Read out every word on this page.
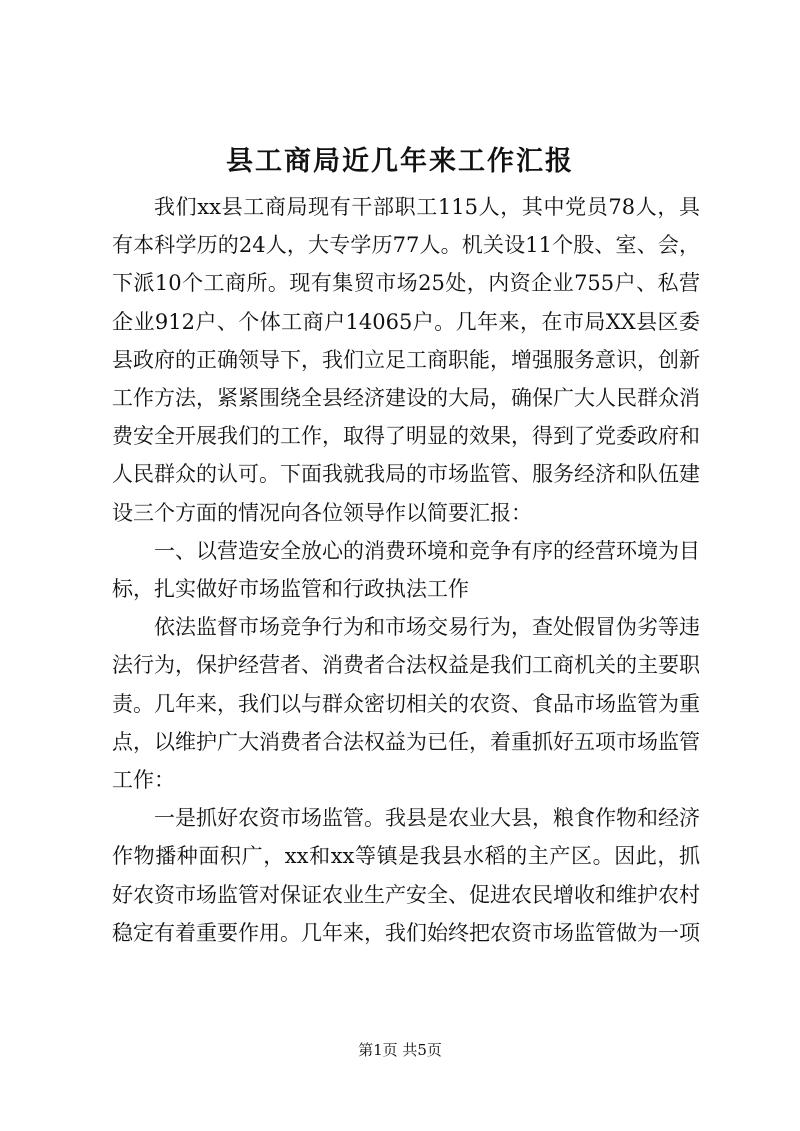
县工商局近几年来工作汇报

我们xx县工商局现有干部职工115人，其中党员78人，具有本科学历的24人，大专学历77人。机关设11个股、室、会，下派10个工商所。现有集贸市场25处，内资企业755户、私营企业912户、个体工商户14065户。几年来，在市局XX县区委县政府的正确领导下，我们立足工商职能，增强服务意识，创新工作方法，紧紧围绕全县经济建设的大局，确保广大人民群众消费安全开展我们的工作，取得了明显的效果，得到了党委政府和人民群众的认可。下面我就我局的市场监管、服务经济和队伍建设三个方面的情况向各位领导作以简要汇报：

一、以营造安全放心的消费环境和竞争有序的经营环境为目标，扎实做好市场监管和行政执法工作

依法监督市场竞争行为和市场交易行为，查处假冒伪劣等违法行为，保护经营者、消费者合法权益是我们工商机关的主要职责。几年来，我们以与群众密切相关的农资、食品市场监管为重点，以维护广大消费者合法权益为已任，着重抓好五项市场监管工作：

一是抓好农资市场监管。我县是农业大县，粮食作物和经济作物播种面积广，xx和xx等镇是我县水稻的主产区。因此，抓好农资市场监管对保证农业生产安全、促进农民增收和维护农村稳定有着重要作用。几年来，我们始终把农资市场监管做为一项

第1页 共5页
